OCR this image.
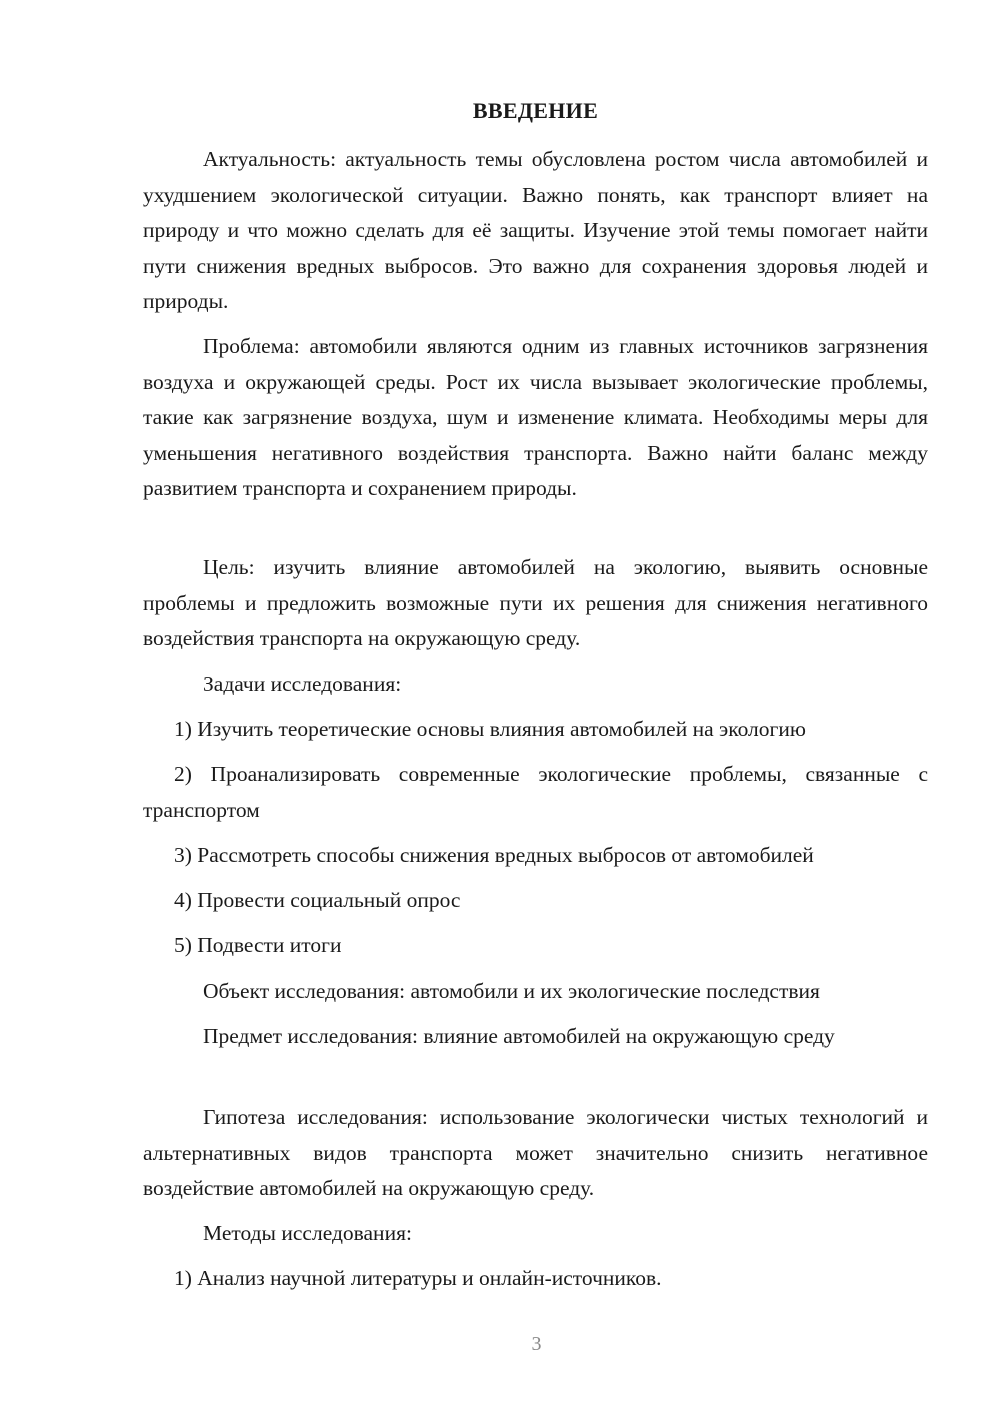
ВВЕДЕНИЕ

Актуальность: актуальность темы обусловлена ростом числа автомобилей и ухудшением экологической ситуации. Важно понять, как транспорт влияет на природу и что можно сделать для её защиты. Изучение этой темы помогает найти пути снижения вредных выбросов. Это важно для сохранения здоровья людей и природы.

Проблема: автомобили являются одним из главных источников загрязнения воздуха и окружающей среды. Рост их числа вызывает экологические проблемы, такие как загрязнение воздуха, шум и изменение климата. Необходимы меры для уменьшения негативного воздействия транспорта. Важно найти баланс между развитием транспорта и сохранением природы.

Цель: изучить влияние автомобилей на экологию, выявить основные проблемы и предложить возможные пути их решения для снижения негативного воздействия транспорта на окружающую среду.

Задачи исследования:

1) Изучить теоретические основы влияния автомобилей на экологию

2) Проанализировать современные экологические проблемы, связанные с транспортом

3) Рассмотреть способы снижения вредных выбросов от автомобилей

4) Провести социальный опрос

5) Подвести итоги

Объект исследования: автомобили и их экологические последствия

Предмет исследования: влияние автомобилей на окружающую среду

Гипотеза исследования: использование экологически чистых технологий и альтернативных видов транспорта может значительно снизить негативное воздействие автомобилей на окружающую среду.

Методы исследования:

1) Анализ научной литературы и онлайн-источников.

3
